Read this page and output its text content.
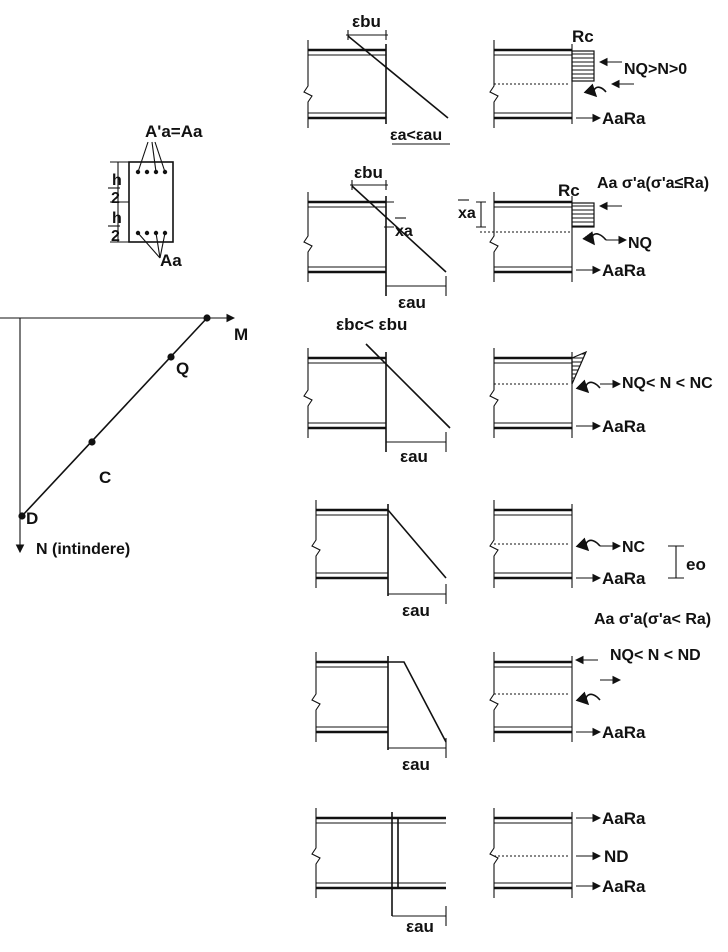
A'a=Aa
Aa
h
2
h
2
M
Q
C
D
N (intindere)
εbu
εa<εau
Rc
NQ>N>0
AaRa
εbu
xa
εau
xa
Rc Aa σ'a(σ'a≤Ra)
NQ
AaRa
εbc< εbu
εau
NQ< N < NC
AaRa
εau
NC
AaRa
eo
εau
Aa σ'a(σ'a< Ra)
NQ< N < ND
AaRa
εau
AaRa
ND
AaRa
